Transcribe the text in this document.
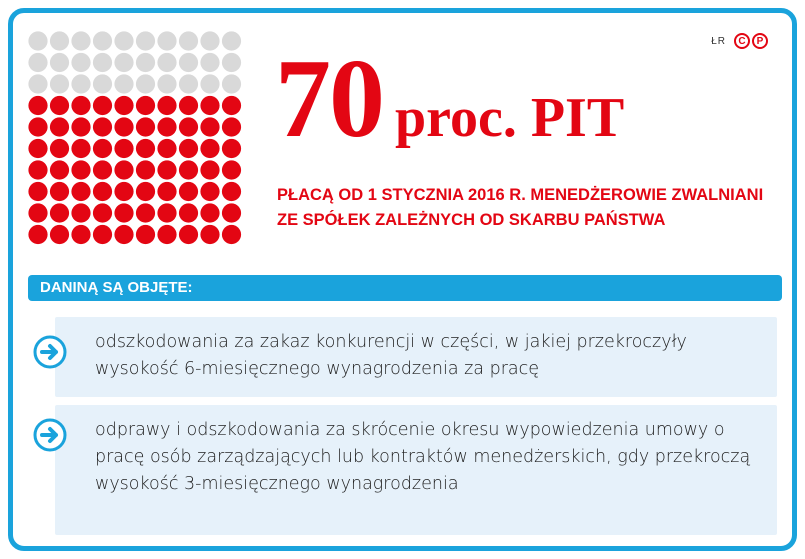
ŁR	C	P
70 proc. PIT
PŁACĄ OD 1 STYCZNIA 2016 R. MENEDŻEROWIE ZWALNIANI ZE SPÓŁEK ZALEŻNYCH OD SKARBU PAŃSTWA
DANINĄ SĄ OBJĘTE:
odszkodowania za zakaz konkurencji w części, w jakiej przekroczyły wysokość 6-miesięcznego wynagrodzenia za pracę
odprawy i odszkodowania za skrócenie okresu wypowiedzenia umowy o pracę osób zarządzających lub kontraktów menedżerskich, gdy przekroczą wysokość 3-miesięcznego wynagrodzenia
